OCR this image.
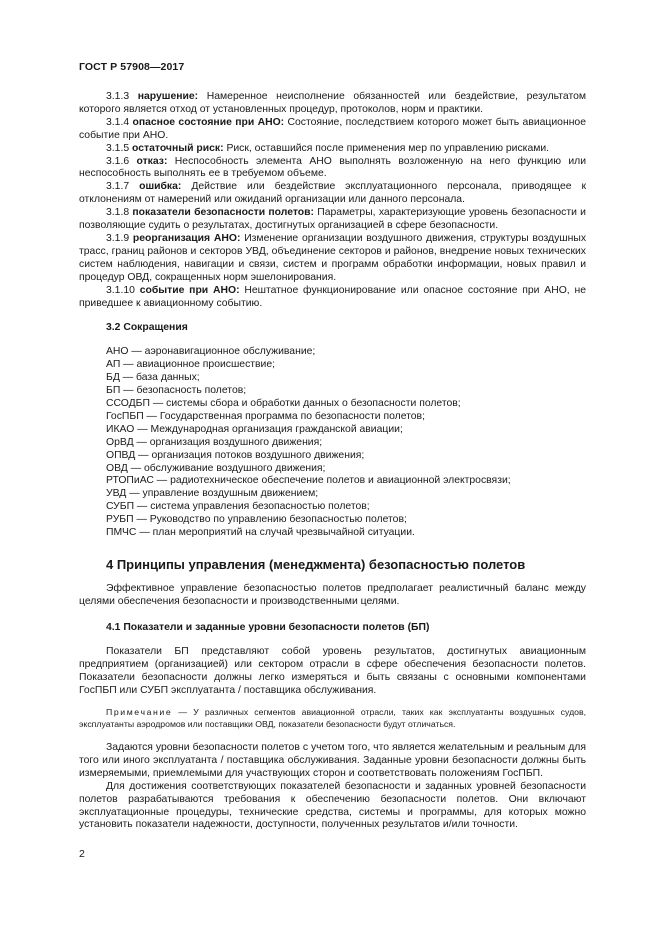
ГОСТ Р 57908—2017

3.1.3 нарушение: Намеренное неисполнение обязанностей или бездействие, результатом которого является отход от установленных процедур, протоколов, норм и практики.

3.1.4 опасное состояние при АНО: Состояние, последствием которого может быть авиационное событие при АНО.

3.1.5 остаточный риск: Риск, оставшийся после применения мер по управлению рисками.

3.1.6 отказ: Неспособность элемента АНО выполнять возложенную на него функцию или неспособность выполнять ее в требуемом объеме.

3.1.7 ошибка: Действие или бездействие эксплуатационного персонала, приводящее к отклонениям от намерений или ожиданий организации или данного персонала.

3.1.8 показатели безопасности полетов: Параметры, характеризующие уровень безопасности и позволяющие судить о результатах, достигнутых организацией в сфере безопасности.

3.1.9 реорганизация АНО: Изменение организации воздушного движения, структуры воздушных трасс, границ районов и секторов УВД, объединение секторов и районов, внедрение новых технических систем наблюдения, навигации и связи, систем и программ обработки информации, новых правил и процедур ОВД, сокращенных норм эшелонирования.

3.1.10 событие при АНО: Нештатное функционирование или опасное состояние при АНО, не приведшее к авиационному событию.

3.2 Сокращения
АНО — аэронавигационное обслуживание;
АП — авиационное происшествие;
БД — база данных;
БП — безопасность полетов;
ССОДБП — системы сбора и обработки данных о безопасности полетов;
ГосПБП — Государственная программа по безопасности полетов;
ИКАО — Международная организация гражданской авиации;
ОрВД — организация воздушного движения;
ОПВД — организация потоков воздушного движения;
ОВД — обслуживание воздушного движения;
РТОПиАС — радиотехническое обеспечение полетов и авиационной электросвязи;
УВД — управление воздушным движением;
СУБП — система управления безопасностью полетов;
РУБП — Руководство по управлению безопасностью полетов;
ПМЧС — план мероприятий на случай чрезвычайной ситуации.
4 Принципы управления (менеджмента) безопасностью полетов

Эффективное управление безопасностью полетов предполагает реалистичный баланс между целями обеспечения безопасности и производственными целями.

4.1 Показатели и заданные уровни безопасности полетов (БП)

Показатели БП представляют собой уровень результатов, достигнутых авиационным предприятием (организацией) или сектором отрасли в сфере обеспечения безопасности полетов. Показатели безопасности должны легко измеряться и быть связаны с основными компонентами ГосПБП или СУБП эксплуатанта / поставщика обслуживания.

Примечание — У различных сегментов авиационной отрасли, таких как эксплуатанты воздушных судов, эксплуатанты аэродромов или поставщики ОВД, показатели безопасности будут отличаться.

Задаются уровни безопасности полетов с учетом того, что является желательным и реальным для того или иного эксплуатанта / поставщика обслуживания. Заданные уровни безопасности должны быть измеряемыми, приемлемыми для участвующих сторон и соответствовать положениям ГосПБП.

Для достижения соответствующих показателей безопасности и заданных уровней безопасности полетов разрабатываются требования к обеспечению безопасности полетов. Они включают эксплуатационные процедуры, технические средства, системы и программы, для которых можно установить показатели надежности, доступности, полученных результатов и/или точности.

2
